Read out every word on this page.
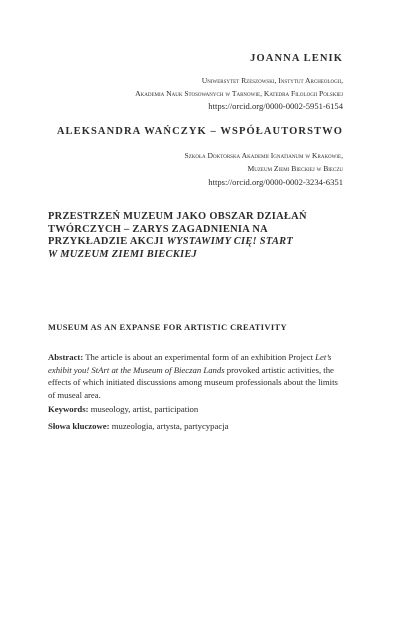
JOANNA LENIK
Uniwersytet Rzeszowski, Instytut Archeologii,
Akademia Nauk Stosowanych w Tarnowie, Katedra Filologii Polskiej
https://orcid.org/0000-0002-5951-6154
ALEKSANDRA WAŃCZYK – WSPÓŁAUTORSTWO
Szkoła Doktorska Akademii Ignatianum w Krakowie,
Muzeum Ziemi Bieckiej w Bieczu
https://orcid.org/0000-0002-3234-6351
PRZESTRZEŃ MUZEUM JAKO OBSZAR DZIAŁAŃ
TWÓRCZYCH – ZARYS ZAGADNIENIA NA
PRZYKŁADZIE AKCJI WYSTAWIMY CIĘ! START
W MUZEUM ZIEMI BIECKIEJ
MUSEUM AS AN EXPANSE FOR ARTISTIC CREATIVITY
Abstract: The article is about an experimental form of an exhibition Project Let’s exhibit you! StArt at the Museum of Bieczan Lands provoked artistic activities, the effects of which initiated discussions among museum professionals about the limits of museal area.
Keywords: museology, artist, participation
Słowa kluczowe: muzeologia, artysta, partycypacja
